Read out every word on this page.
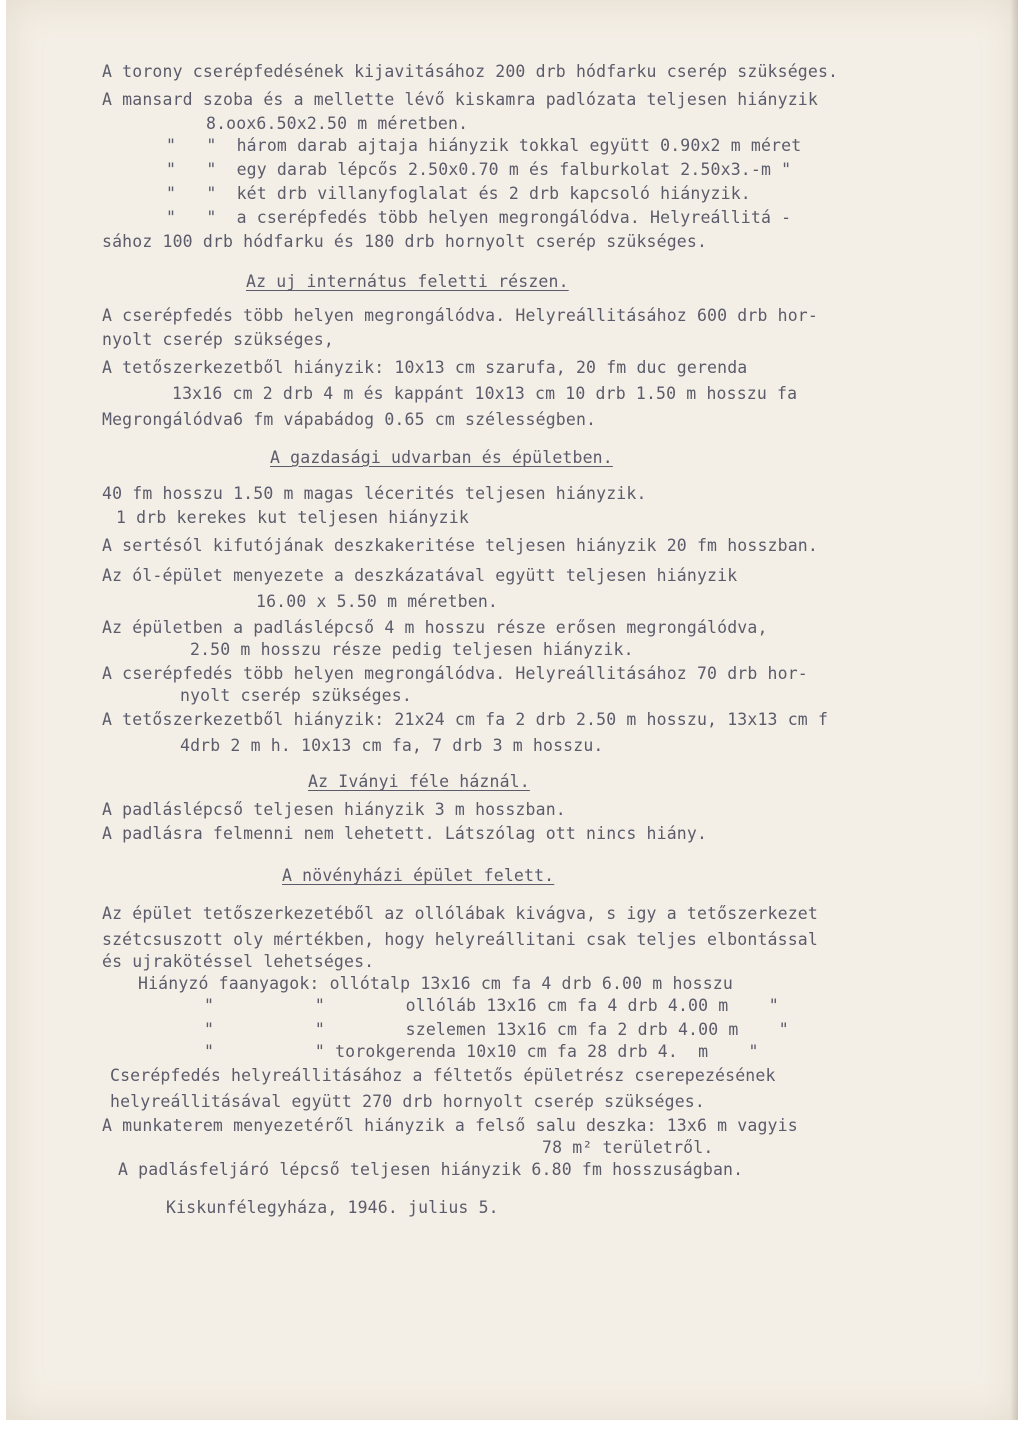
A torony cserépfedésének kijavitásához 200 drb hódfarku cserép szükséges.
A mansard szoba és a mellette lévő kiskamra padlózata teljesen hiányzik
8.oox6.50x2.50 m méretben.
"   "  három darab ajtaja hiányzik tokkal együtt 0.90x2 m méret
"   "  egy darab lépcős 2.50x0.70 m és falburkolat 2.50x3.-m "
"   "  két drb villanyfoglalat és 2 drb kapcsoló hiányzik.
"   "  a cserépfedés több helyen megrongálódva. Helyreállitá -
sához 100 drb hódfarku és 180 drb hornyolt cserép szükséges.
Az uj internátus feletti részen.
A cserépfedés több helyen megrongálódva. Helyreállitásához 600 drb hor-
nyolt cserép szükséges,
A tetőszerkezetből hiányzik: 10x13 cm szarufa, 20 fm duc gerenda
13x16 cm 2 drb 4 m és kappánt 10x13 cm 10 drb 1.50 m hosszu fa
Megrongálódva6 fm vápabádog 0.65 cm szélességben.
A gazdasági udvarban és épületben.
40 fm hosszu 1.50 m magas lécerités teljesen hiányzik.
1 drb kerekes kut teljesen hiányzik
A sertésól kifutójának deszkakeritése teljesen hiányzik 20 fm hosszban.
Az ól-épület menyezete a deszkázatával együtt teljesen hiányzik
16.00 x 5.50 m méretben.
Az épületben a padláslépcső 4 m hosszu része erősen megrongálódva,
2.50 m hosszu része pedig teljesen hiányzik.
A cserépfedés több helyen megrongálódva. Helyreállitásához 70 drb hor-
nyolt cserép szükséges.
A tetőszerkezetből hiányzik: 21x24 cm fa 2 drb 2.50 m hosszu, 13x13 cm f
4drb 2 m h. 10x13 cm fa, 7 drb 3 m hosszu.
Az Iványi féle háznál.
A padláslépcső teljesen hiányzik 3 m hosszban.
A padlásra felmenni nem lehetett. Látszólag ott nincs hiány.
A növényházi épület felett.
Az épület tetőszerkezetéből az ollólábak kivágva, s igy a tetőszerkezet
szétcsuszott oly mértékben, hogy helyreállitani csak teljes elbontással
és ujrakötéssel lehetséges.
Hiányzó faanyagok: ollótalp 13x16 cm fa 4 drb 6.00 m hosszu
"          "        ollóláb 13x16 cm fa 4 drb 4.00 m    "
"          "        szelemen 13x16 cm fa 2 drb 4.00 m    "
"          " torokgerenda 10x10 cm fa 28 drb 4.  m    "
Cserépfedés helyreállitásához a féltetős épületrész cserepezésének
helyreállitásával együtt 270 drb hornyolt cserép szükséges.
A munkaterem menyezetéről hiányzik a felső salu deszka: 13x6 m vagyis
78 m² területről.
A padlásfeljáró lépcső teljesen hiányzik 6.80 fm hosszuságban.
Kiskunfélegyháza, 1946. julius 5.
